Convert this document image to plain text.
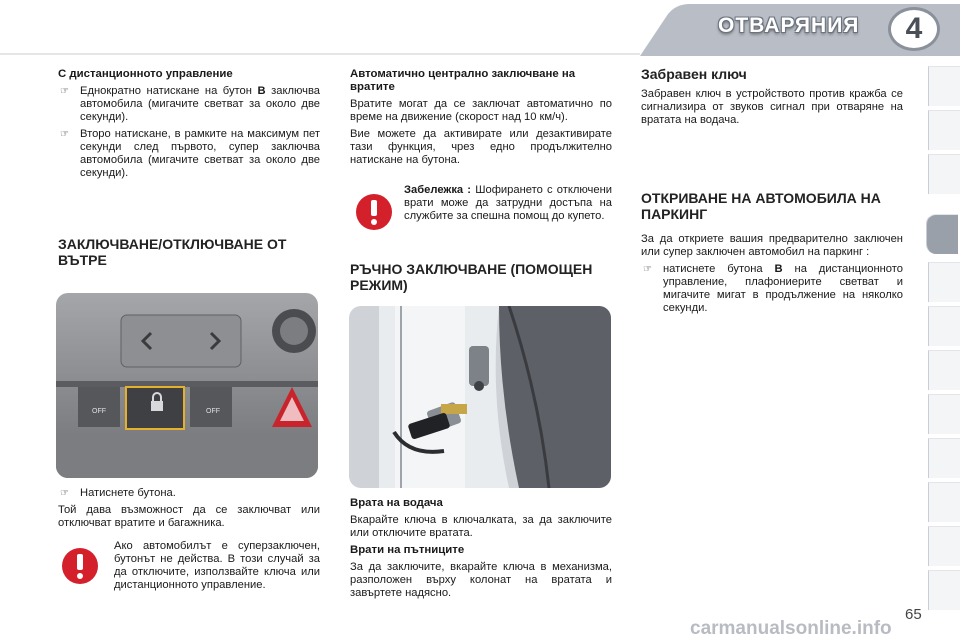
ОТВАРЯНИЯ	4

С дистанционното управление

☞ Еднократно натискане на бутон B заключва автомобила (мигачите светват за около две секунди).

☞ Второ натискане, в рамките на максимум пет секунди след първото, супер заключва автомобила (мигачите светват за около две секунди).

ЗАКЛЮЧВАНЕ/ОТКЛЮЧВАНЕ ОТ ВЪТРЕ
OFF	OFF

☞ Натиснете бутона.

Той дава възможност да се заключват или отключват вратите и багажника.

Ако автомобилът е суперзаключен, бутонът не действа. В този случай за да отключите, използвайте ключа или дистанционното управление.

Автоматично централно заключване на вратите

Вратите могат да се заключат автоматично по време на движение (скорост над 10 км/ч).

Вие можете да активирате или дезактивирате тази функция, чрез едно продължително натискане на бутона.

Забележка : Шофирането с отключени врати може да затрудни достъпа на службите за спешна помощ до купето.
РЪЧНО ЗАКЛЮЧВАНЕ (ПОМОЩЕН РЕЖИМ)

Врата на водача

Вкарайте ключа в ключалката, за да заключите или отключите вратата.

Врати на пътниците

За да заключите, вкарайте ключа в механизма, разположен върху колонат на вратата и завъртете надясно.

Забравен ключ

Забравен ключ в устройството против кражба се сигнализира от звуков сигнал при отваряне на вратата на водача.

ОТКРИВАНЕ НА АВТОМОБИЛА НА ПАРКИНГ

За да откриете вашия предварително заключен или супер заключен автомобил на паркинг :

☞ натиснете бутона B на дистанционното управление, плафониерите светват и мигачите мигат в продължение на няколко секунди.

65
carmanualsonline.info
